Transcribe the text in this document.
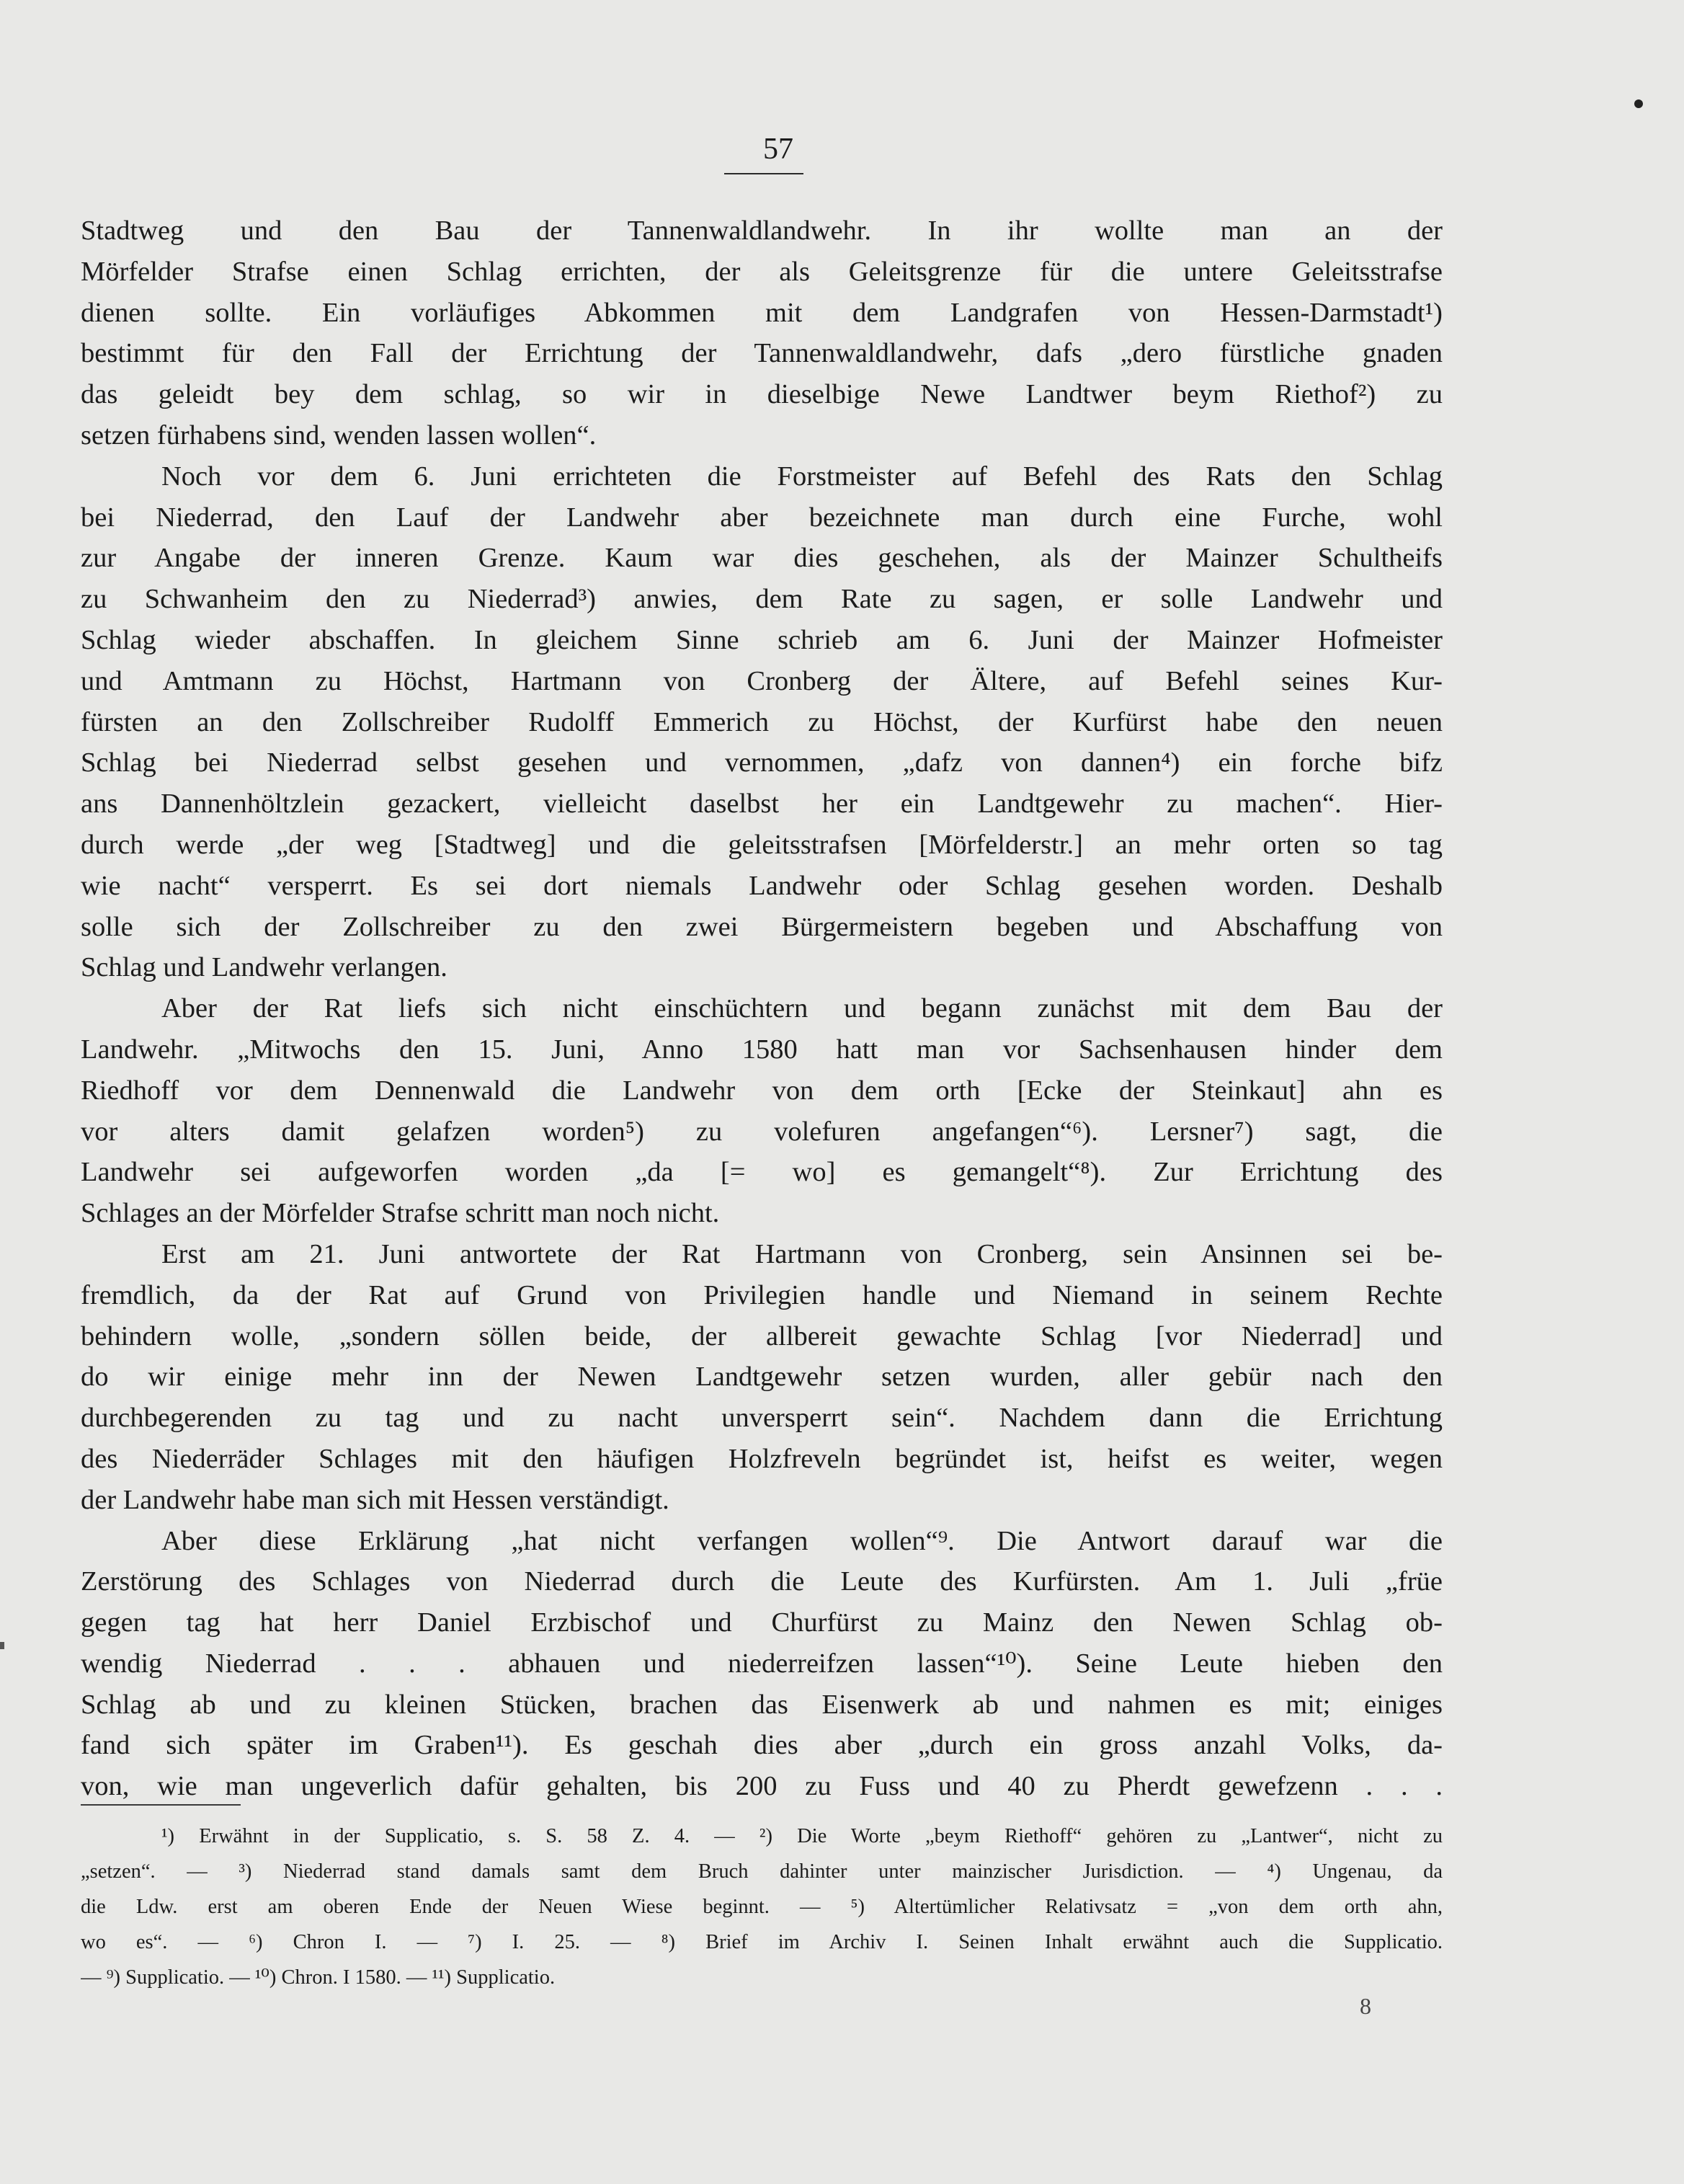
57
Stadtweg und den Bau der Tannenwaldlandwehr. In ihr wollte man an der
Mörfelder Strafse einen Schlag errichten, der als Geleitsgrenze für die untere Geleitsstrafse
dienen sollte. Ein vorläufiges Abkommen mit dem Landgrafen von Hessen-Darmstadt¹)
bestimmt für den Fall der Errichtung der Tannenwaldlandwehr, dafs „dero fürstliche gnaden
das geleidt bey dem schlag, so wir in dieselbige Newe Landtwer beym Riethof²) zu
setzen fürhabens sind, wenden lassen wollen“.
Noch vor dem 6. Juni errichteten die Forstmeister auf Befehl des Rats den Schlag
bei Niederrad, den Lauf der Landwehr aber bezeichnete man durch eine Furche, wohl
zur Angabe der inneren Grenze. Kaum war dies geschehen, als der Mainzer Schultheifs
zu Schwanheim den zu Niederrad³) anwies, dem Rate zu sagen, er solle Landwehr und
Schlag wieder abschaffen. In gleichem Sinne schrieb am 6. Juni der Mainzer Hofmeister
und Amtmann zu Höchst, Hartmann von Cronberg der Ältere, auf Befehl seines Kur-
fürsten an den Zollschreiber Rudolff Emmerich zu Höchst, der Kurfürst habe den neuen
Schlag bei Niederrad selbst gesehen und vernommen, „dafz von dannen⁴) ein forche bifz
ans Dannenhöltzlein gezackert, vielleicht daselbst her ein Landtgewehr zu machen“. Hier-
durch werde „der weg [Stadtweg] und die geleitsstrafsen [Mörfelderstr.] an mehr orten so tag
wie nacht“ versperrt. Es sei dort niemals Landwehr oder Schlag gesehen worden. Deshalb
solle sich der Zollschreiber zu den zwei Bürgermeistern begeben und Abschaffung von
Schlag und Landwehr verlangen.
Aber der Rat liefs sich nicht einschüchtern und begann zunächst mit dem Bau der
Landwehr. „Mitwochs den 15. Juni, Anno 1580 hatt man vor Sachsenhausen hinder dem
Riedhoff vor dem Dennenwald die Landwehr von dem orth [Ecke der Steinkaut] ahn es
vor alters damit gelafzen worden⁵) zu volefuren angefangen“⁶). Lersner⁷) sagt, die
Landwehr sei aufgeworfen worden „da [= wo] es gemangelt“⁸). Zur Errichtung des
Schlages an der Mörfelder Strafse schritt man noch nicht.
Erst am 21. Juni antwortete der Rat Hartmann von Cronberg, sein Ansinnen sei be-
fremdlich, da der Rat auf Grund von Privilegien handle und Niemand in seinem Rechte
behindern wolle, „sondern söllen beide, der allbereit gewachte Schlag [vor Niederrad] und
do wir einige mehr inn der Newen Landtgewehr setzen wurden, aller gebür nach den
durchbegerenden zu tag und zu nacht unversperrt sein“. Nachdem dann die Errichtung
des Niederräder Schlages mit den häufigen Holzfreveln begründet ist, heifst es weiter, wegen
der Landwehr habe man sich mit Hessen verständigt.
Aber diese Erklärung „hat nicht verfangen wollen“⁹. Die Antwort darauf war die
Zerstörung des Schlages von Niederrad durch die Leute des Kurfürsten. Am 1. Juli „früe
gegen tag hat herr Daniel Erzbischof und Churfürst zu Mainz den Newen Schlag ob-
wendig Niederrad . . . abhauen und niederreifzen lassen“¹⁰). Seine Leute hieben den
Schlag ab und zu kleinen Stücken, brachen das Eisenwerk ab und nahmen es mit; einiges
fand sich später im Graben¹¹). Es geschah dies aber „durch ein gross anzahl Volks, da-
von, wie man ungeverlich dafür gehalten, bis 200 zu Fuss und 40 zu Pherdt gewefzenn . . .
¹) Erwähnt in der Supplicatio, s. S. 58 Z. 4. — ²) Die Worte „beym Riethoff“ gehören zu „Lantwer“, nicht zu
„setzen“. — ³) Niederrad stand damals samt dem Bruch dahinter unter mainzischer Jurisdiction. — ⁴) Ungenau, da
die Ldw. erst am oberen Ende der Neuen Wiese beginnt. — ⁵) Altertümlicher Relativsatz = „von dem orth ahn,
wo es“. — ⁶) Chron I. — ⁷) I. 25. — ⁸) Brief im Archiv I. Seinen Inhalt erwähnt auch die Supplicatio.
— ⁹) Supplicatio. — ¹⁰) Chron. I 1580. — ¹¹) Supplicatio.
8
